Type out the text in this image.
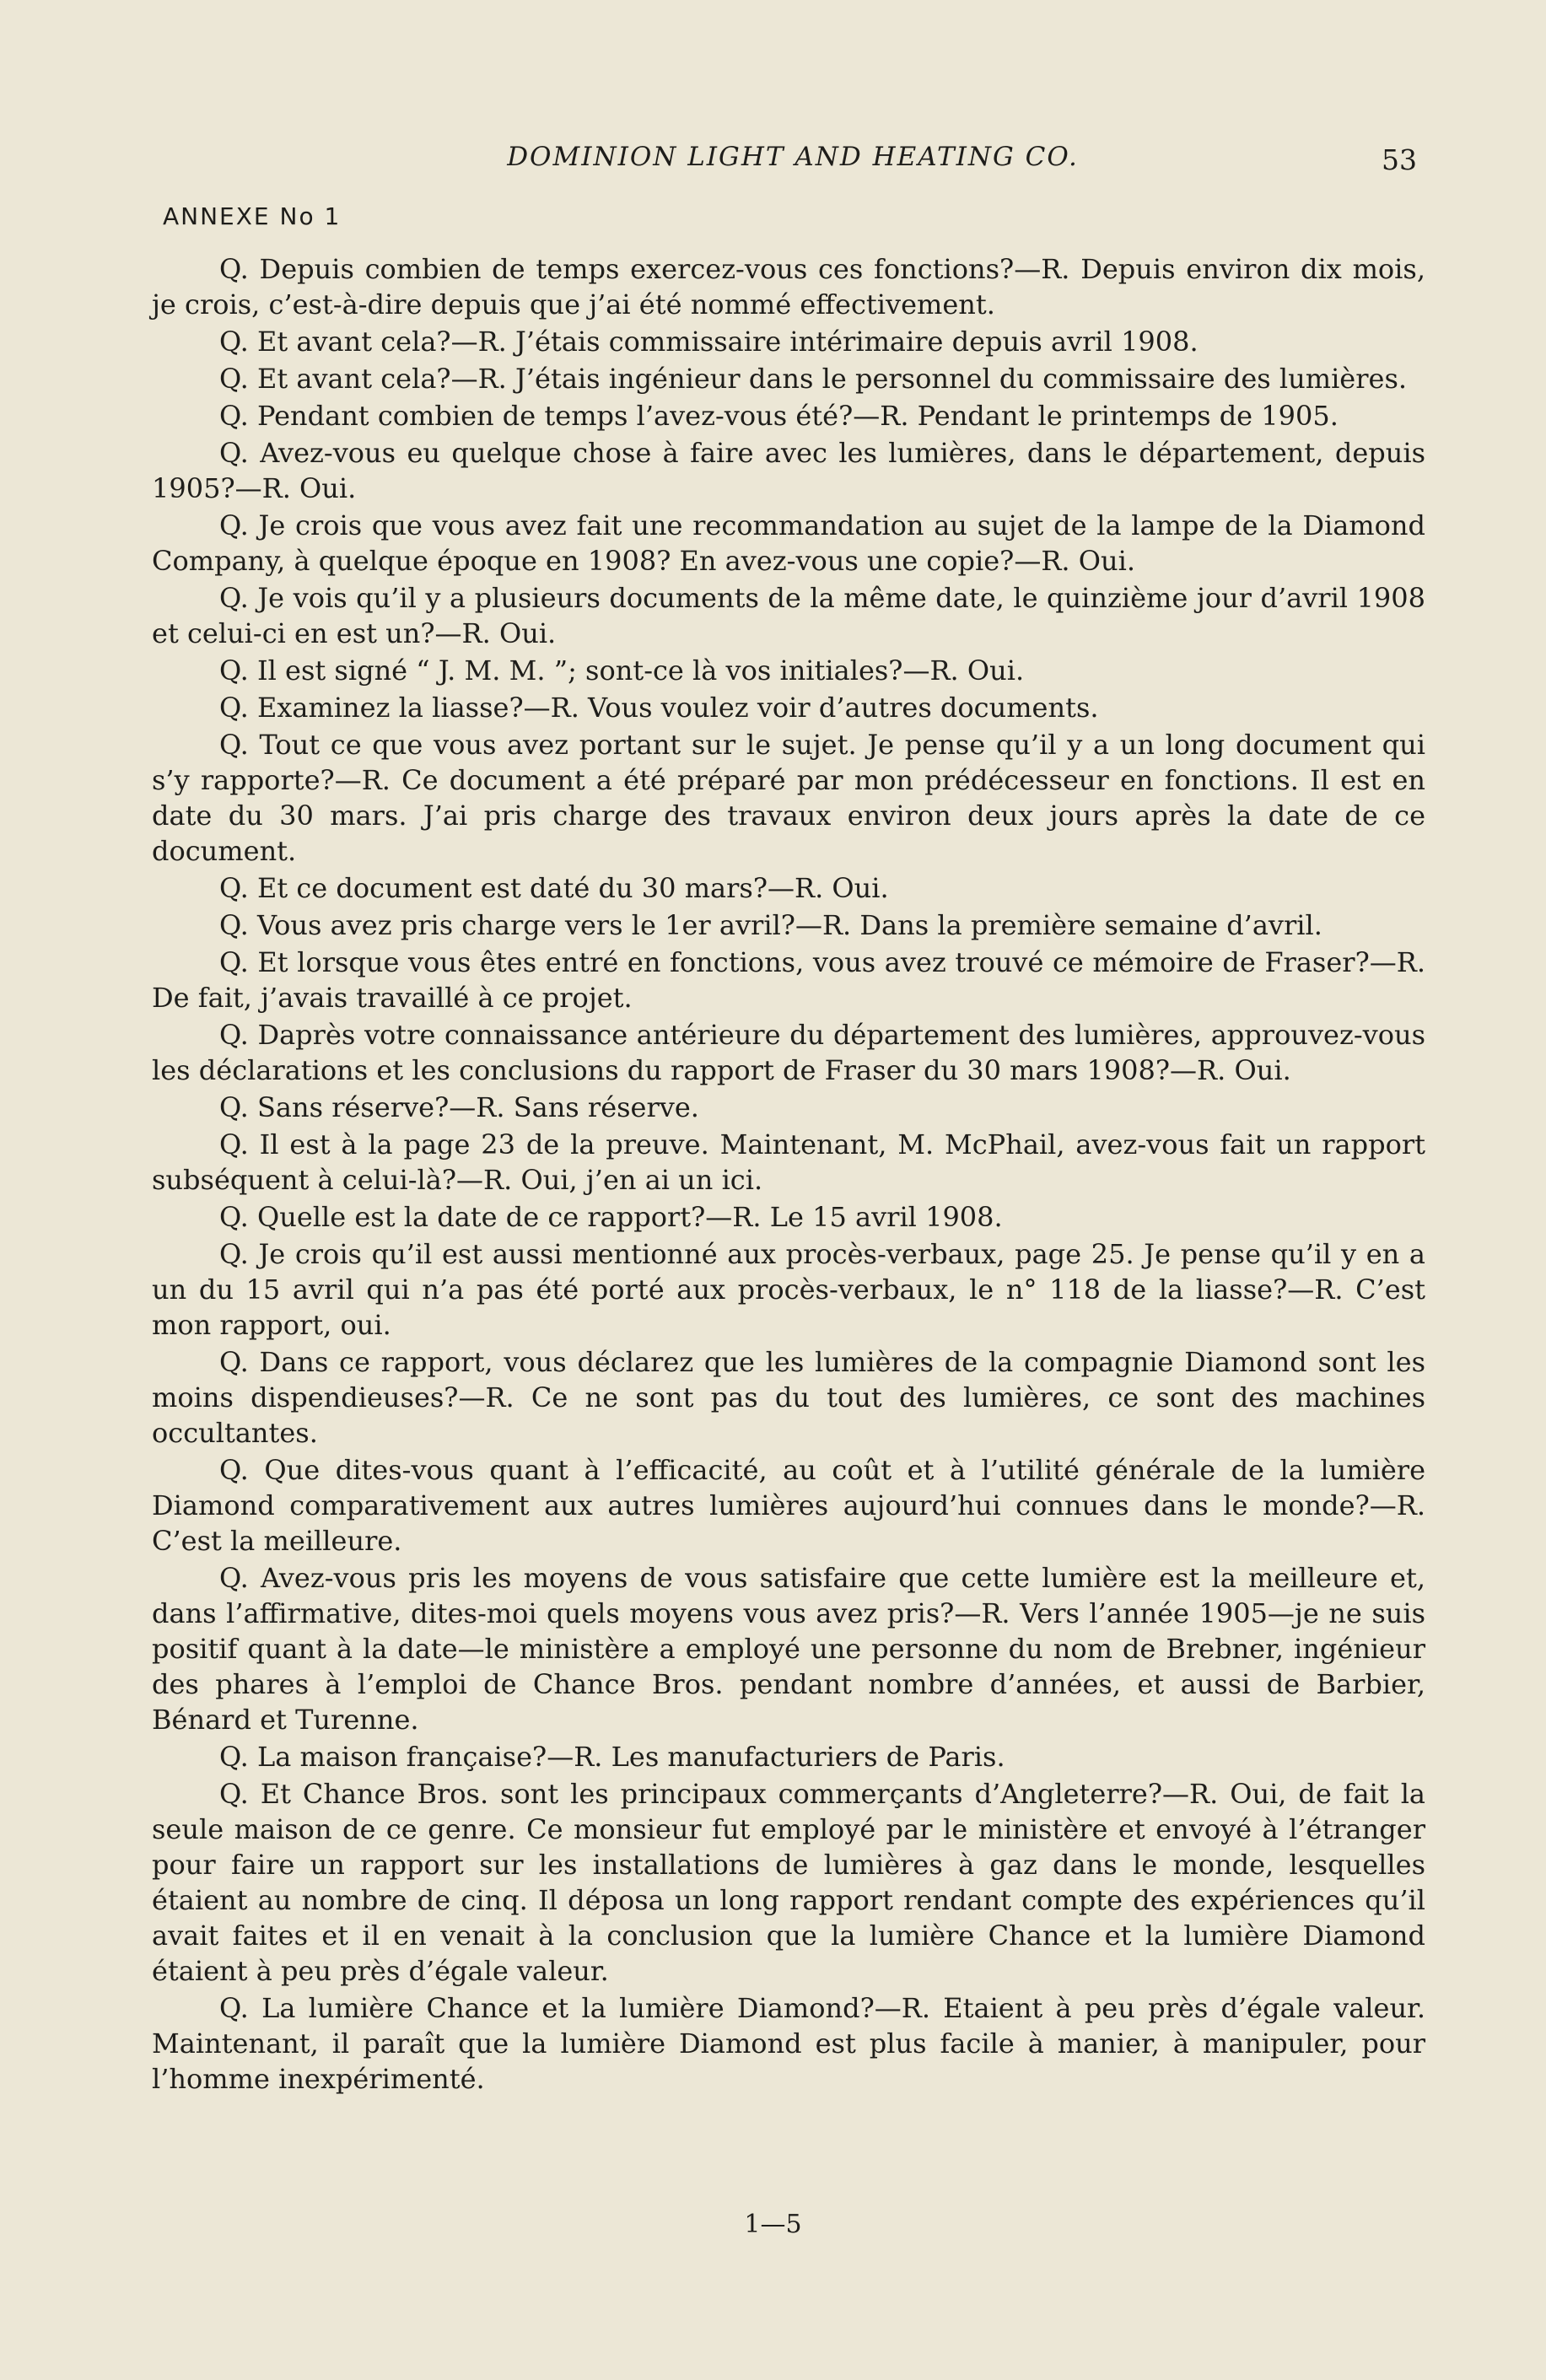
DOMINION LIGHT AND HEATING CO.	53
ANNEXE No 1

Q. Depuis combien de temps exercez-vous ces fonctions?—R. Depuis environ dix mois, je crois, c’est-à-dire depuis que j’ai été nommé effectivement.

Q. Et avant cela?—R. J’étais commissaire intérimaire depuis avril 1908.

Q. Et avant cela?—R. J’étais ingénieur dans le personnel du commissaire des lumières.

Q. Pendant combien de temps l’avez-vous été?—R. Pendant le printemps de 1905.

Q. Avez-vous eu quelque chose à faire avec les lumières, dans le département, depuis 1905?—R. Oui.

Q. Je crois que vous avez fait une recommandation au sujet de la lampe de la Diamond Company, à quelque époque en 1908? En avez-vous une copie?—R. Oui.

Q. Je vois qu’il y a plusieurs documents de la même date, le quinzième jour d’avril 1908 et celui-ci en est un?—R. Oui.

Q. Il est signé “ J. M. M. ”; sont-ce là vos initiales?—R. Oui.

Q. Examinez la liasse?—R. Vous voulez voir d’autres documents.

Q. Tout ce que vous avez portant sur le sujet. Je pense qu’il y a un long document qui s’y rapporte?—R. Ce document a été préparé par mon prédécesseur en fonctions. Il est en date du 30 mars. J’ai pris charge des travaux environ deux jours après la date de ce document.

Q. Et ce document est daté du 30 mars?—R. Oui.

Q. Vous avez pris charge vers le 1er avril?—R. Dans la première semaine d’avril.

Q. Et lorsque vous êtes entré en fonctions, vous avez trouvé ce mémoire de Fraser?—R. De fait, j’avais travaillé à ce projet.

Q. Daprès votre connaissance antérieure du département des lumières, approuvez-vous les déclarations et les conclusions du rapport de Fraser du 30 mars 1908?—R. Oui.

Q. Sans réserve?—R. Sans réserve.

Q. Il est à la page 23 de la preuve. Maintenant, M. McPhail, avez-vous fait un rapport subséquent à celui-là?—R. Oui, j’en ai un ici.

Q. Quelle est la date de ce rapport?—R. Le 15 avril 1908.

Q. Je crois qu’il est aussi mentionné aux procès-verbaux, page 25. Je pense qu’il y en a un du 15 avril qui n’a pas été porté aux procès-verbaux, le n° 118 de la liasse?—R. C’est mon rapport, oui.

Q. Dans ce rapport, vous déclarez que les lumières de la compagnie Diamond sont les moins dispendieuses?—R. Ce ne sont pas du tout des lumières, ce sont des machines occultantes.

Q. Que dites-vous quant à l’efficacité, au coût et à l’utilité générale de la lumière Diamond comparativement aux autres lumières aujourd’hui connues dans le monde?—R. C’est la meilleure.

Q. Avez-vous pris les moyens de vous satisfaire que cette lumière est la meilleure et, dans l’affirmative, dites-moi quels moyens vous avez pris?—R. Vers l’année 1905—je ne suis positif quant à la date—le ministère a employé une personne du nom de Brebner, ingénieur des phares à l’emploi de Chance Bros. pendant nombre d’années, et aussi de Barbier, Bénard et Turenne.

Q. La maison française?—R. Les manufacturiers de Paris.

Q. Et Chance Bros. sont les principaux commerçants d’Angleterre?—R. Oui, de fait la seule maison de ce genre. Ce monsieur fut employé par le ministère et envoyé à l’étranger pour faire un rapport sur les installations de lumières à gaz dans le monde, lesquelles étaient au nombre de cinq. Il déposa un long rapport rendant compte des expériences qu’il avait faites et il en venait à la conclusion que la lumière Chance et la lumière Diamond étaient à peu près d’égale valeur.

Q. La lumière Chance et la lumière Diamond?—R. Etaient à peu près d’égale valeur. Maintenant, il paraît que la lumière Diamond est plus facile à manier, à manipuler, pour l’homme inexpérimenté.

1—5
